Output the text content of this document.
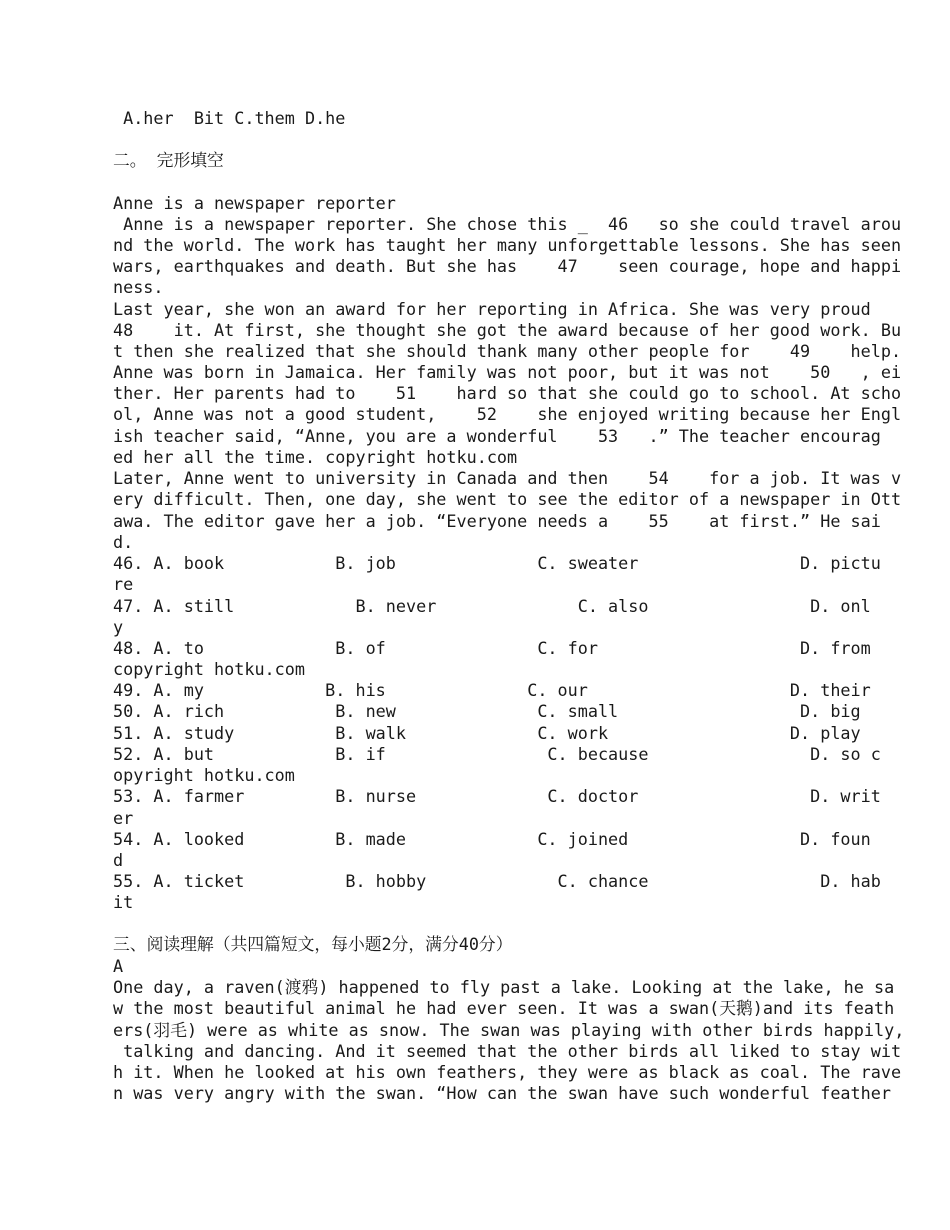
A.her  Bit C.them D.he
二。 完形填空
Anne is a newspaper reporter
Anne is a newspaper reporter. She chose this _  46   so she could travel arou
nd the world. The work has taught her many unforgettable lessons. She has seen
wars, earthquakes and death. But she has    47    seen courage, hope and happi
ness.
Last year, she won an award for her reporting in Africa. She was very proud
48    it. At first, she thought she got the award because of her good work. Bu
t then she realized that she should thank many other people for    49    help.
Anne was born in Jamaica. Her family was not poor, but it was not    50   , ei
ther. Her parents had to    51    hard so that she could go to school. At scho
ol, Anne was not a good student,    52    she enjoyed writing because her Engl
ish teacher said, “Anne, you are a wonderful    53   .” The teacher encourag
ed her all the time. copyright hotku.com
Later, Anne went to university in Canada and then    54    for a job. It was v
ery difficult. Then, one day, she went to see the editor of a newspaper in Ott
awa. The editor gave her a job. “Everyone needs a    55    at first.” He sai
d.
46. A. book           B. job              C. sweater                D. pictu
re
47. A. still            B. never              C. also                D. onl
y
48. A. to             B. of               C. for                    D. from
copyright hotku.com
49. A. my            B. his              C. our                    D. their
50. A. rich           B. new              C. small                  D. big
51. A. study          B. walk             C. work                  D. play
52. A. but            B. if                C. because                D. so c
opyright hotku.com
53. A. farmer         B. nurse             C. doctor                 D. writ
er
54. A. looked         B. made             C. joined                 D. foun
d
55. A. ticket          B. hobby             C. chance                 D. hab
it
三、阅读理解（共四篇短文，每小题2分，满分40分）
A
One day, a raven(渡鸦) happened to fly past a lake. Looking at the lake, he sa
w the most beautiful animal he had ever seen. It was a swan(天鹅)and its feath
ers(羽毛) were as white as snow. The swan was playing with other birds happily,
talking and dancing. And it seemed that the other birds all liked to stay wit
h it. When he looked at his own feathers, they were as black as coal. The rave
n was very angry with the swan. “How can the swan have such wonderful feather
